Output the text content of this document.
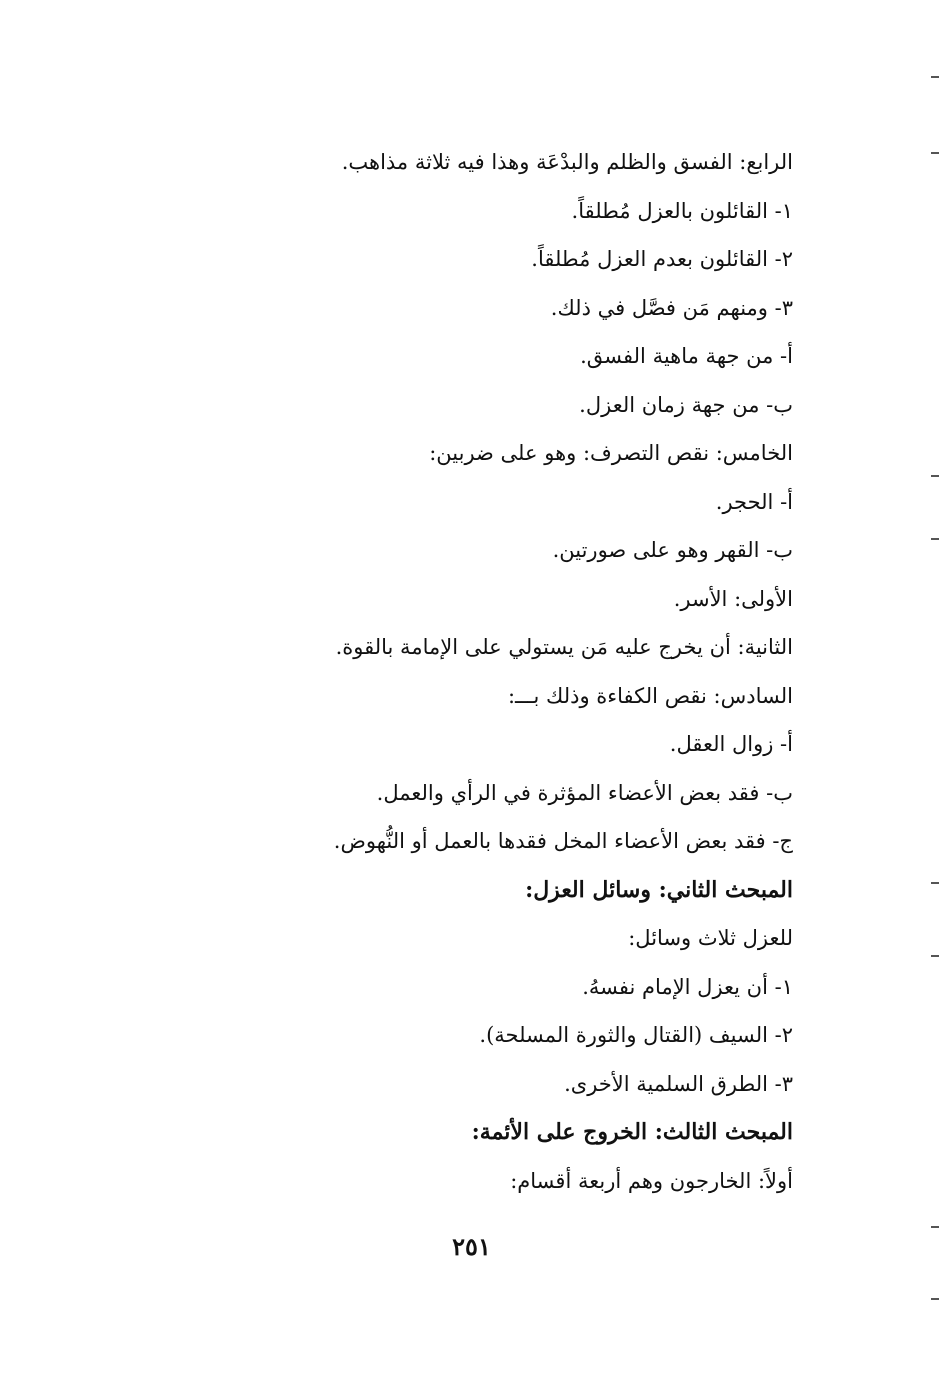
الرابع: الفسق والظلم والبدْعَة وهذا فيه ثلاثة مذاهب.
١- القائلون بالعزل مُطلقاً.
٢- القائلون بعدم العزل مُطلقاً.
٣- ومنهم مَن فصَّل في ذلك.
أ- من جهة ماهية الفسق.
ب- من جهة زمان العزل.
الخامس: نقص التصرف: وهو على ضربين:
أ- الحجر.
ب- القهر وهو على صورتين.
الأولى: الأسر.
الثانية: أن يخرج عليه مَن يستولي على الإمامة بالقوة.
السادس: نقص الكفاءة وذلك بـــ:
أ- زوال العقل.
ب- فقد بعض الأعضاء المؤثرة في الرأي والعمل.
ج- فقد بعض الأعضاء المخل فقدها بالعمل أو النُّهوض.
المبحث الثاني: وسائل العزل:
للعزل ثلاث وسائل:
١- أن يعزل الإمام نفسهُ.
٢- السيف (القتال والثورة المسلحة).
٣- الطرق السلمية الأخرى.
المبحث الثالث: الخروج على الأئمة:
أولاً: الخارجون وهم أربعة أقسام:
٢٥١
